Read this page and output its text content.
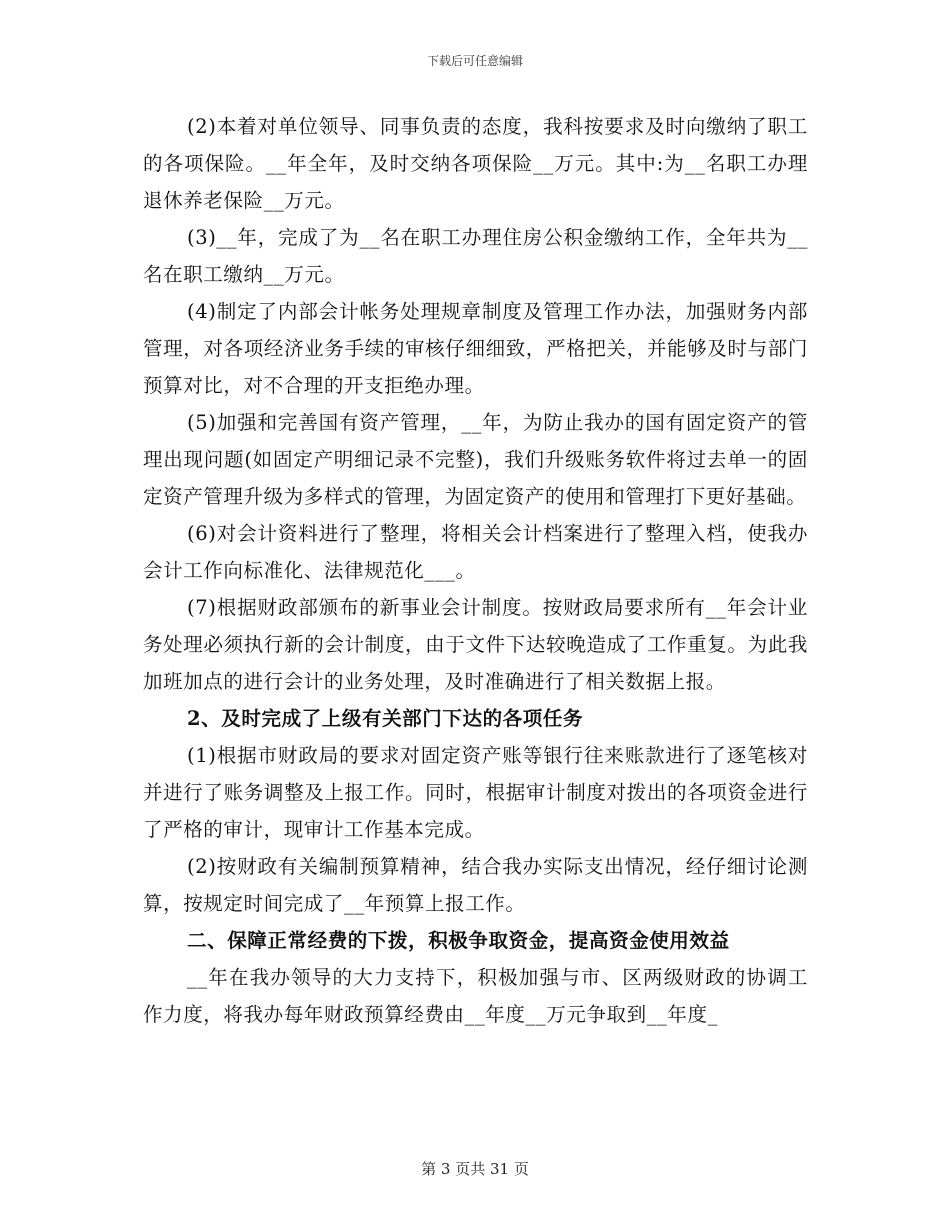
下载后可任意编辑

(2)本着对单位领导、同事负责的态度，我科按要求及时向缴纳了职工的各项保险。__年全年，及时交纳各项保险__万元。其中:为__名职工办理退休养老保险__万元。

(3)__年，完成了为__名在职工办理住房公积金缴纳工作，全年共为__名在职工缴纳__万元。

(4)制定了内部会计帐务处理规章制度及管理工作办法，加强财务内部管理，对各项经济业务手续的审核仔细细致，严格把关，并能够及时与部门预算对比，对不合理的开支拒绝办理。

(5)加强和完善国有资产管理，__年，为防止我办的国有固定资产的管理出现问题(如固定产明细记录不完整)，我们升级账务软件将过去单一的固定资产管理升级为多样式的管理，为固定资产的使用和管理打下更好基础。

(6)对会计资料进行了整理，将相关会计档案进行了整理入档，使我办会计工作向标准化、法律规范化___。

(7)根据财政部颁布的新事业会计制度。按财政局要求所有__年会计业务处理必须执行新的会计制度，由于文件下达较晚造成了工作重复。为此我加班加点的进行会计的业务处理，及时准确进行了相关数据上报。

2、及时完成了上级有关部门下达的各项任务

(1)根据市财政局的要求对固定资产账等银行往来账款进行了逐笔核对并进行了账务调整及上报工作。同时，根据审计制度对拨出的各项资金进行了严格的审计，现审计工作基本完成。

(2)按财政有关编制预算精神，结合我办实际支出情况，经仔细讨论测算，按规定时间完成了__年预算上报工作。

二、保障正常经费的下拨，积极争取资金，提高资金使用效益

__年在我办领导的大力支持下，积极加强与市、区两级财政的协调工作力度，将我办每年财政预算经费由__年度__万元争取到__年度_

第 3 页共 31 页
